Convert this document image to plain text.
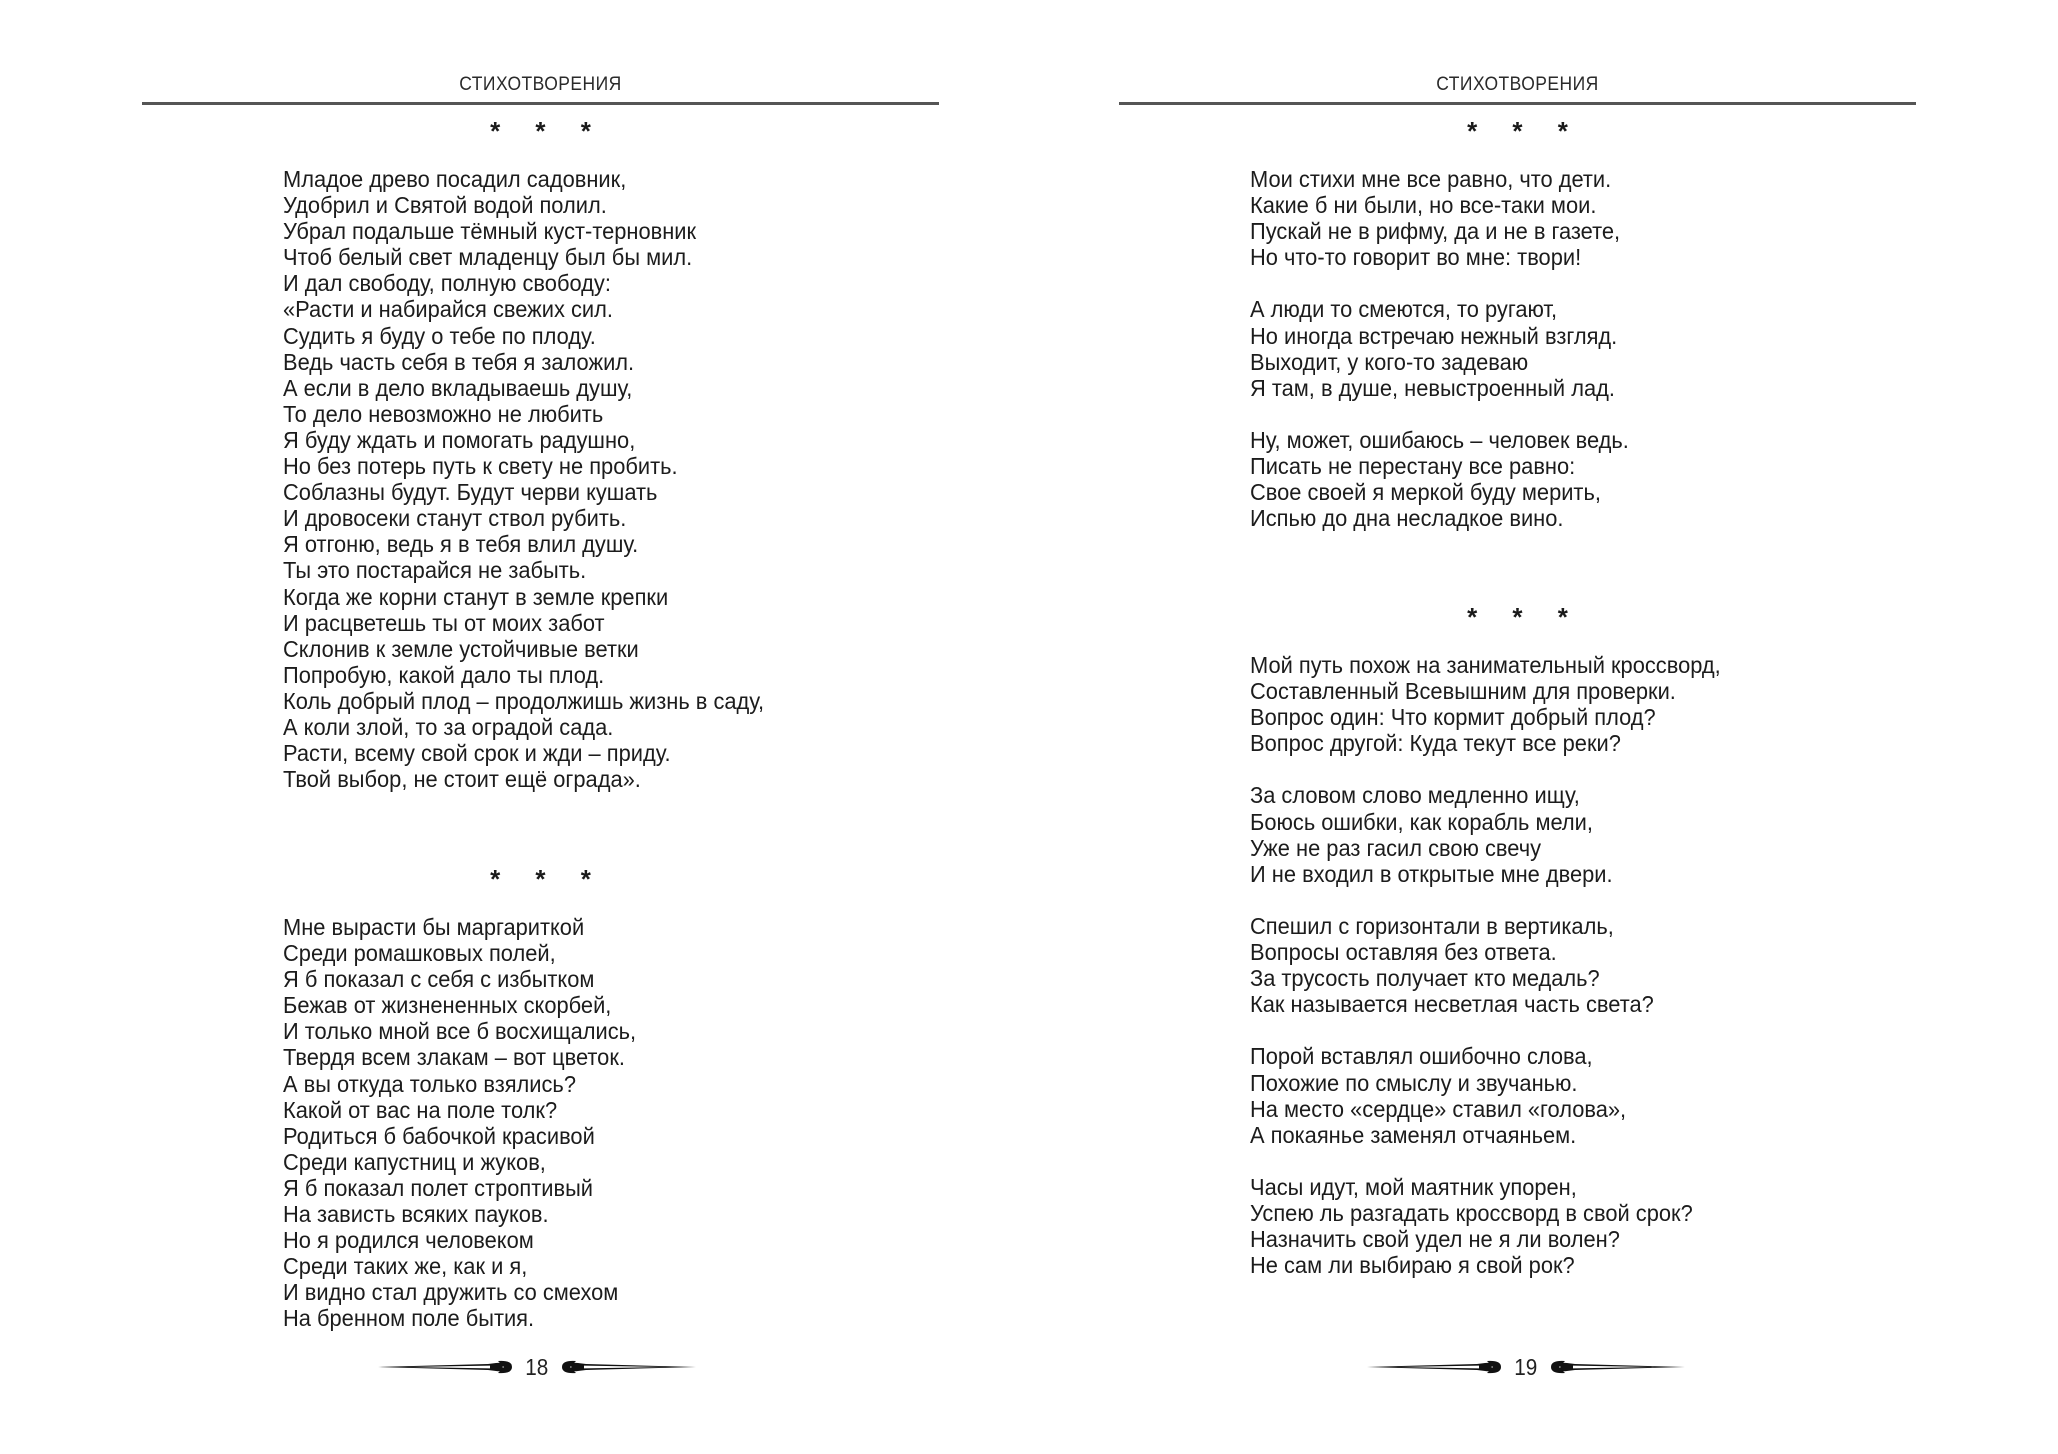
СТИХОТВОРЕНИЯ
* * *
Младое древо посадил садовник,
Удобрил и Святой водой полил.
Убрал подальше тёмный куст-терновник
Чтоб белый свет младенцу был бы мил.
И дал свободу, полную свободу:
«Расти и набирайся свежих сил.
Судить я буду о тебе по плоду.
Ведь часть себя в тебя я заложил.
А если в дело вкладываешь душу,
То дело невозможно не любить
Я буду ждать и помогать радушно,
Но без потерь путь к свету не пробить.
Соблазны будут. Будут черви кушать
И дровосеки станут ствол рубить.
Я отгоню, ведь я в тебя влил душу.
Ты это постарайся не забыть.
Когда же корни станут в земле крепки
И расцветешь ты от моих забот
Склонив к земле устойчивые ветки
Попробую, какой дало ты плод.
Коль добрый плод – продолжишь жизнь в саду,
А коли злой, то за оградой сада.
Расти, всему свой срок и жди – приду.
Твой выбор, не стоит ещё ограда».
* * *
Мне вырасти бы маргариткой
Среди ромашковых полей,
Я б показал с себя с избытком
Бежав от жизнененных скорбей,
И только мной все б восхищались,
Твердя всем злакам – вот цветок.
А вы откуда только взялись?
Какой от вас на поле толк?
Родиться б бабочкой красивой
Среди капустниц и жуков,
Я б показал полет строптивый
На зависть всяких пауков.
Но я родился человеком
Среди таких же, как и я,
И видно стал дружить со смехом
На бренном поле бытия.
18
СТИХОТВОРЕНИЯ
* * *
Мои стихи мне все равно, что дети.
Какие б ни были, но все-таки мои.
Пускай не в рифму, да и не в газете,
Но что-то говорит во мне: твори!
А люди то смеются, то ругают,
Но иногда встречаю нежный взгляд.
Выходит, у кого-то задеваю
Я там, в душе, невыстроенный лад.
Ну, может, ошибаюсь – человек ведь.
Писать не перестану все равно:
Свое своей я меркой буду мерить,
Испью до дна несладкое вино.
* * *
Мой путь похож на занимательный кроссворд,
Составленный Всевышним для проверки.
Вопрос один: Что кормит добрый плод?
Вопрос другой: Куда текут все реки?
За словом слово медленно ищу,
Боюсь ошибки, как корабль мели,
Уже не раз гасил свою свечу
И не входил в открытые мне двери.
Спешил с горизонтали в вертикаль,
Вопросы оставляя без ответа.
За трусость получает кто медаль?
Как называется несветлая часть света?
Порой вставлял ошибочно слова,
Похожие по смыслу и звучанью.
На место «сердце» ставил «голова»,
А покаянье заменял отчаяньем.
Часы идут, мой маятник упорен,
Успею ль разгадать кроссворд в свой срок?
Назначить свой удел не я ли волен?
Не сам ли выбираю я свой рок?
19
